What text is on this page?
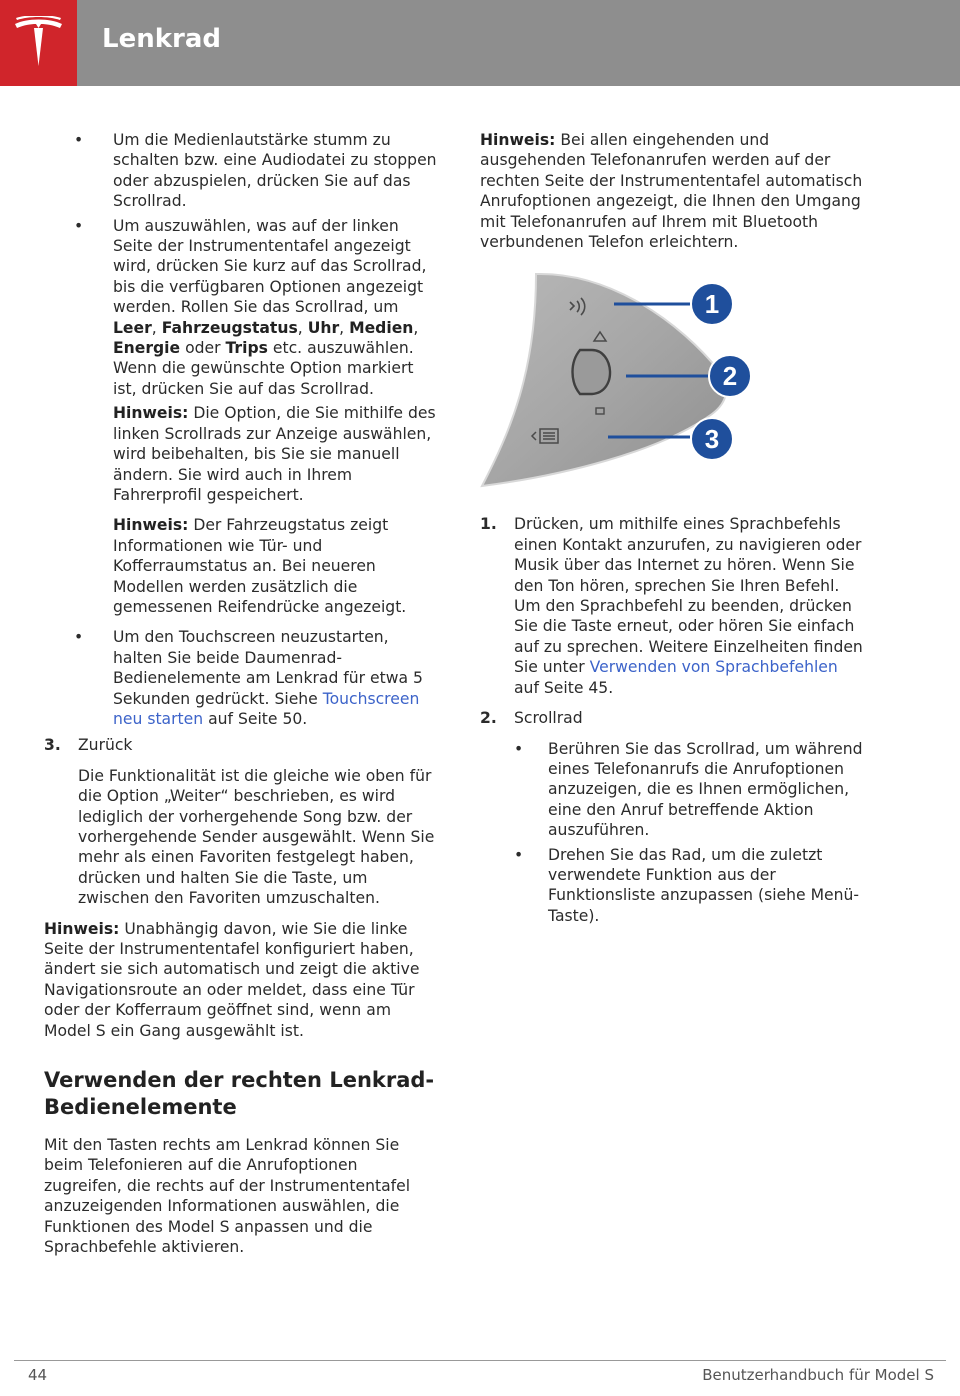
Lenkrad
• Um die Medienlautstärke stumm zu schalten bzw. eine Audiodatei zu stoppen oder abzuspielen, drücken Sie auf das Scrollrad.
• Um auszuwählen, was auf der linken Seite der Instrumententafel angezeigt wird, drücken Sie kurz auf das Scrollrad, bis die verfügbaren Optionen angezeigt werden. Rollen Sie das Scrollrad, um Leer, Fahrzeugstatus, Uhr, Medien, Energie oder Trips etc. auszuwählen. Wenn die gewünschte Option markiert ist, drücken Sie auf das Scrollrad.

Hinweis: Die Option, die Sie mithilfe des linken Scrollrads zur Anzeige auswählen, wird beibehalten, bis Sie sie manuell ändern. Sie wird auch in Ihrem Fahrerprofil gespeichert.

Hinweis: Der Fahrzeugstatus zeigt Informationen wie Tür- und Kofferraumstatus an. Bei neueren Modellen werden zusätzlich die gemessenen Reifendrücke angezeigt.

• Um den Touchscreen neuzustarten, halten Sie beide Daumenrad-Bedienelemente am Lenkrad für etwa 5 Sekunden gedrückt. Siehe Touchscreen neu starten auf Seite 50.
3. Zurück

Die Funktionalität ist die gleiche wie oben für die Option „Weiter“ beschrieben, es wird lediglich der vorhergehende Song bzw. der vorhergehende Sender ausgewählt. Wenn Sie mehr als einen Favoriten festgelegt haben, drücken und halten Sie die Taste, um zwischen den Favoriten umzuschalten.

Hinweis: Unabhängig davon, wie Sie die linke Seite der Instrumententafel konfiguriert haben, ändert sie sich automatisch und zeigt die aktive Navigationsroute an oder meldet, dass eine Tür oder der Kofferraum geöffnet sind, wenn am Model S ein Gang ausgewählt ist.

Verwenden der rechten Lenkrad-Bedienelemente

Mit den Tasten rechts am Lenkrad können Sie beim Telefonieren auf die Anrufoptionen zugreifen, die rechts auf der Instrumententafel anzuzeigenden Informationen auswählen, die Funktionen des Model S anpassen und die Sprachbefehle aktivieren.

Hinweis: Bei allen eingehenden und ausgehenden Telefonanrufen werden auf der rechten Seite der Instrumententafel automatisch Anrufoptionen angezeigt, die Ihnen den Umgang mit Telefonanrufen auf Ihrem mit Bluetooth verbundenen Telefon erleichtern.

1
2
3
1. Drücken, um mithilfe eines Sprachbefehls einen Kontakt anzurufen, zu navigieren oder Musik über das Internet zu hören. Wenn Sie den Ton hören, sprechen Sie Ihren Befehl. Um den Sprachbefehl zu beenden, drücken Sie die Taste erneut, oder hören Sie einfach auf zu sprechen. Weitere Einzelheiten finden Sie unter Verwenden von Sprachbefehlen auf Seite 45.
2. Scrollrad
• Berühren Sie das Scrollrad, um während eines Telefonanrufs die Anrufoptionen anzuzeigen, die es Ihnen ermöglichen, eine den Anruf betreffende Aktion auszuführen.
• Drehen Sie das Rad, um die zuletzt verwendete Funktion aus der Funktionsliste anzupassen (siehe Menü-Taste).
44	Benutzerhandbuch für Model S
